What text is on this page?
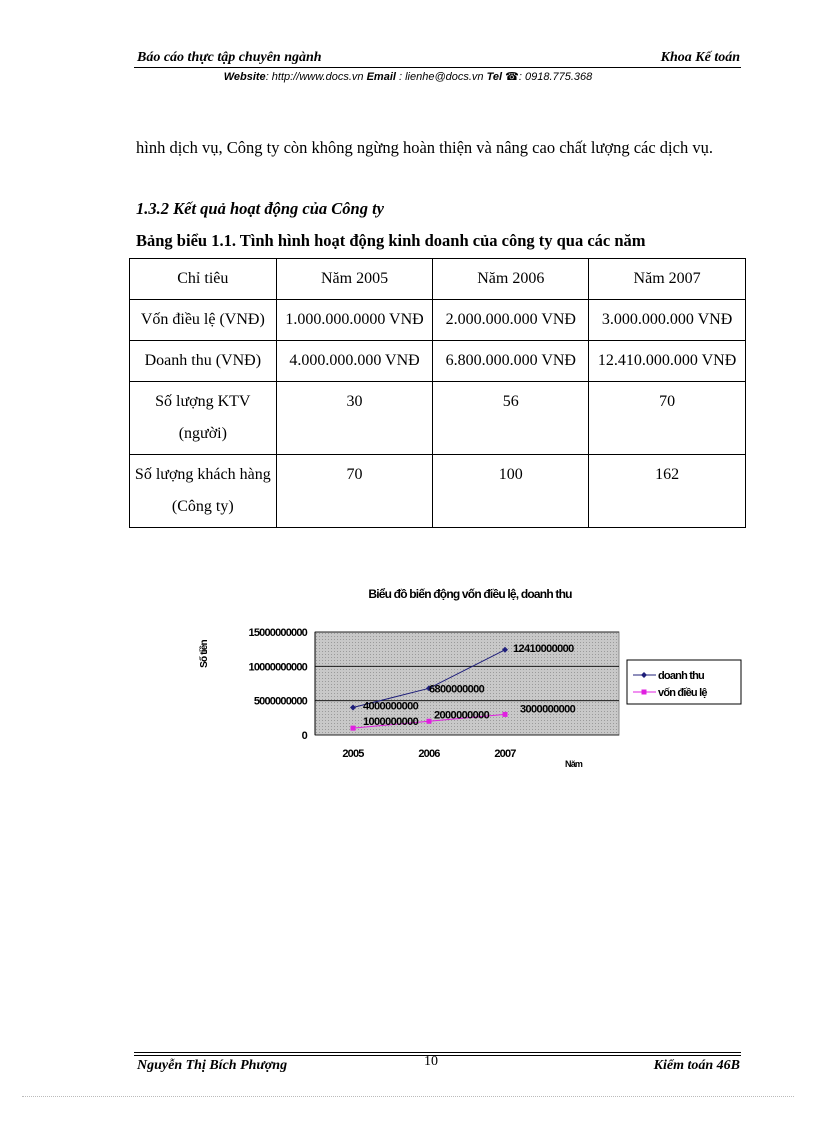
Báo cáo thực tập chuyên ngành	Khoa Kế toán
Website: http://www.docs.vn Email : lienhe@docs.vn Tel ☎: 0918.775.368
hình dịch vụ, Công ty còn không ngừng hoàn thiện và nâng cao chất lượng các dịch vụ.
1.3.2 Kết quả hoạt động của Công ty
Bảng biểu 1.1. Tình hình hoạt động kinh doanh của công ty qua các năm
Chỉ tiêu	Năm 2005	Năm 2006	Năm 2007
Vốn điều lệ (VNĐ)	1.000.000.0000 VNĐ	2.000.000.000 VNĐ	3.000.000.000 VNĐ
Doanh thu (VNĐ)	4.000.000.000 VNĐ	6.800.000.000 VNĐ	12.410.000.000 VNĐ
Số lượng KTV (người)	30	56	70
Số lượng khách hàng (Công ty)	70	100	162
Biểu đồ biến động vốn điều lệ, doanh thu
0
5000000000
10000000000
15000000000
2005	2006	2007
4000000000
6800000000
12410000000
1000000000
2000000000	3000000000
Số tiền
Năm
doanh thu
vốn điều lệ
Nguyễn Thị Bích Phượng	10	Kiểm toán 46B
